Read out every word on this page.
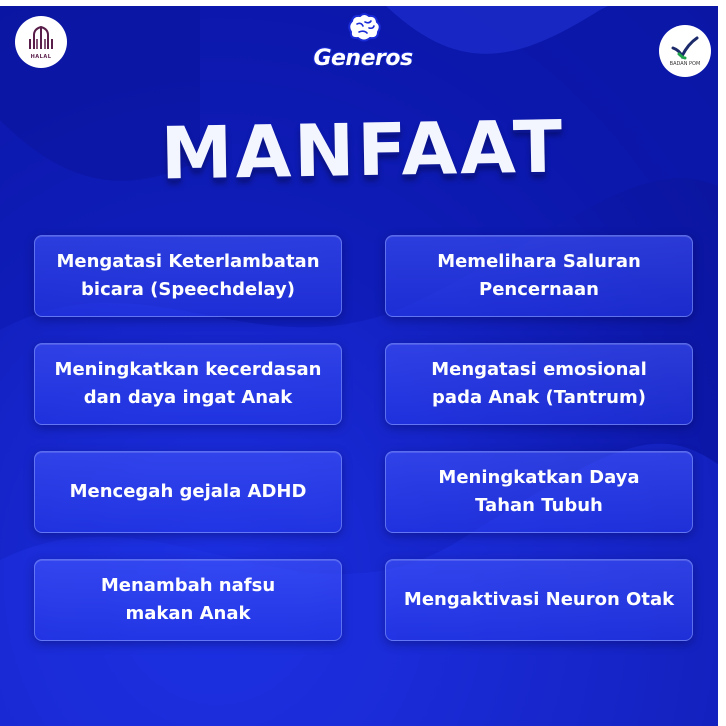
HALAL
BADAN POM
Generos
MANFAAT
Mengatasi Keterlambatan
bicara (Speechdelay)
Memelihara Saluran
Pencernaan
Meningkatkan kecerdasan
dan daya ingat Anak
Mengatasi emosional
pada Anak (Tantrum)
Mencegah gejala ADHD
Meningkatkan Daya
Tahan Tubuh
Menambah nafsu
makan Anak
Mengaktivasi Neuron Otak
